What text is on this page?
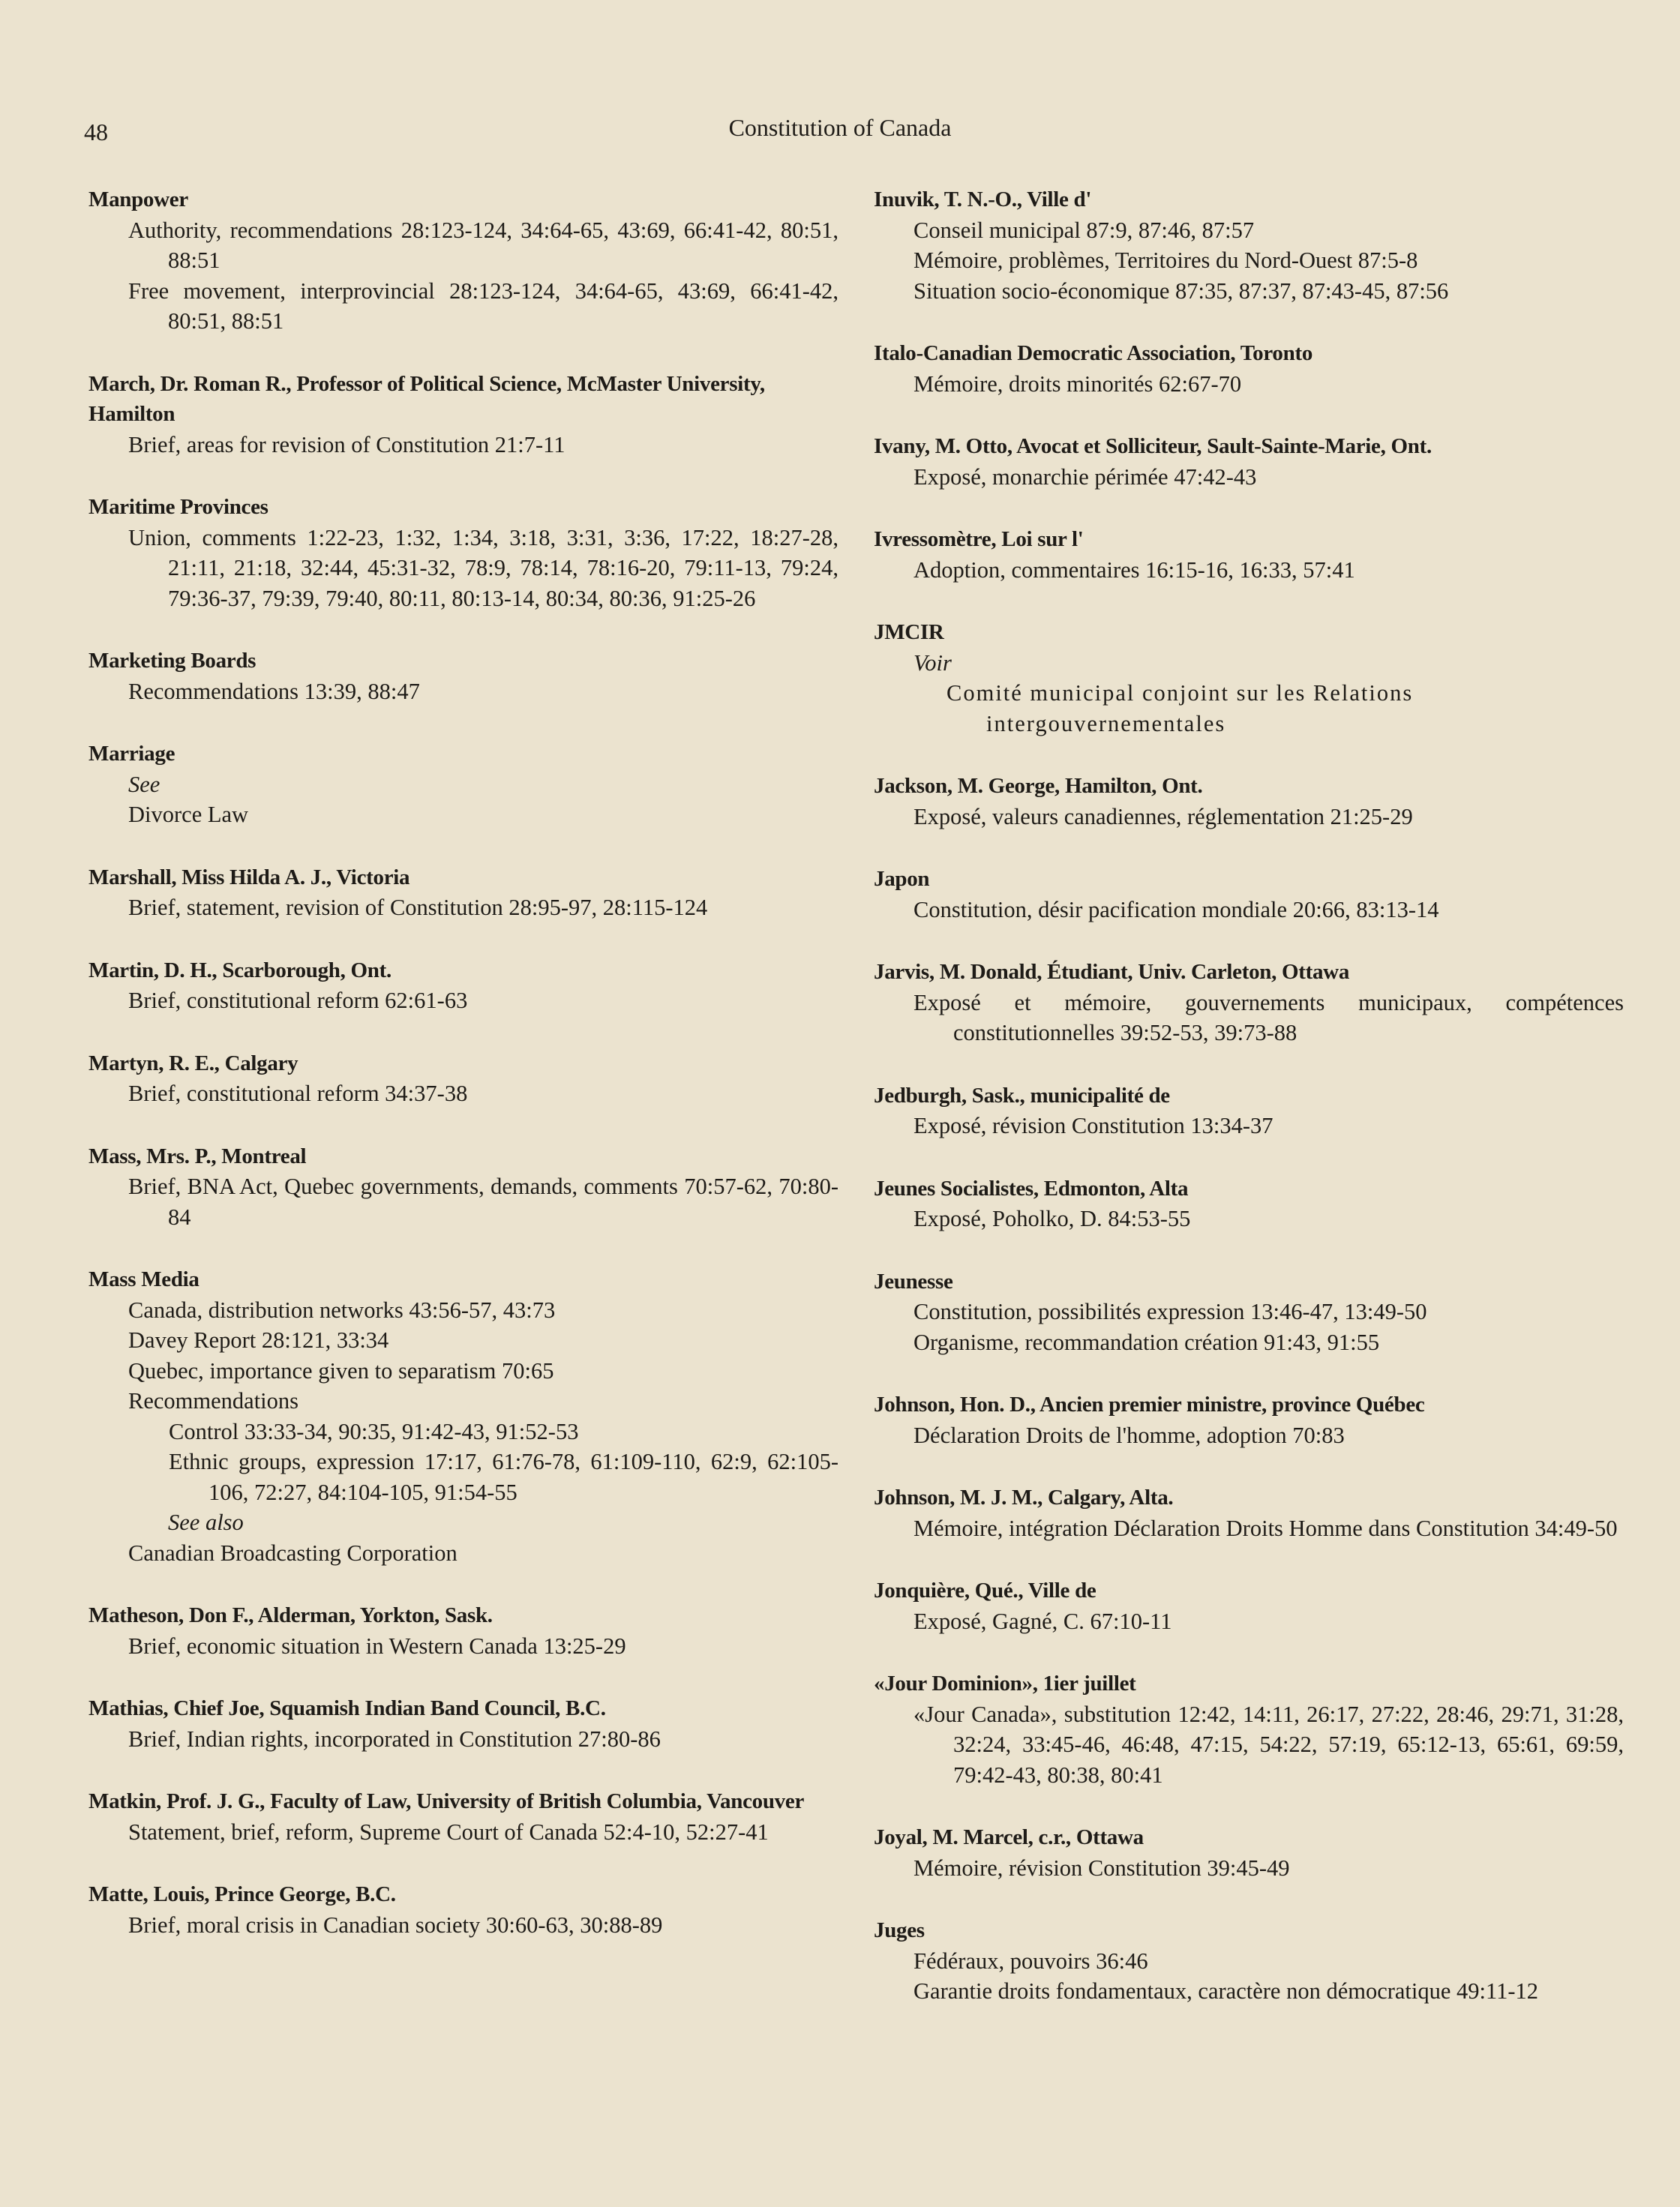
48	Constitution of Canada
Manpower
Authority, recommendations 28:123-124, 34:64-65, 43:69, 66:41-42, 80:51, 88:51
Free movement, interprovincial 28:123-124, 34:64-65, 43:69, 66:41-42, 80:51, 88:51
March, Dr. Roman R., Professor of Political Science, McMaster University, Hamilton
Brief, areas for revision of Constitution 21:7-11
Maritime Provinces
Union, comments 1:22-23, 1:32, 1:34, 3:18, 3:31, 3:36, 17:22, 18:27-28, 21:11, 21:18, 32:44, 45:31-32, 78:9, 78:14, 78:16-20, 79:11-13, 79:24, 79:36-37, 79:39, 79:40, 80:11, 80:13-14, 80:34, 80:36, 91:25-26
Marketing Boards
Recommendations 13:39, 88:47
Marriage
See
Divorce Law
Marshall, Miss Hilda A. J., Victoria
Brief, statement, revision of Constitution 28:95-97, 28:115-124
Martin, D. H., Scarborough, Ont.
Brief, constitutional reform 62:61-63
Martyn, R. E., Calgary
Brief, constitutional reform 34:37-38
Mass, Mrs. P., Montreal
Brief, BNA Act, Quebec governments, demands, comments 70:57-62, 70:80-84
Mass Media
Canada, distribution networks 43:56-57, 43:73
Davey Report 28:121, 33:34
Quebec, importance given to separatism 70:65
Recommendations
Control 33:33-34, 90:35, 91:42-43, 91:52-53
Ethnic groups, expression 17:17, 61:76-78, 61:109-110, 62:9, 62:105-106, 72:27, 84:104-105, 91:54-55
See also
Canadian Broadcasting Corporation
Matheson, Don F., Alderman, Yorkton, Sask.
Brief, economic situation in Western Canada 13:25-29
Mathias, Chief Joe, Squamish Indian Band Council, B.C.
Brief, Indian rights, incorporated in Constitution 27:80-86
Matkin, Prof. J. G., Faculty of Law, University of British Columbia, Vancouver
Statement, brief, reform, Supreme Court of Canada 52:4-10, 52:27-41
Matte, Louis, Prince George, B.C.
Brief, moral crisis in Canadian society 30:60-63, 30:88-89
Inuvik, T. N.-O., Ville d'
Conseil municipal 87:9, 87:46, 87:57
Mémoire, problèmes, Territoires du Nord-Ouest 87:5-8
Situation socio-économique 87:35, 87:37, 87:43-45, 87:56
Italo-Canadian Democratic Association, Toronto
Mémoire, droits minorités 62:67-70
Ivany, M. Otto, Avocat et Solliciteur, Sault-Sainte-Marie, Ont.
Exposé, monarchie périmée 47:42-43
Ivressomètre, Loi sur l'
Adoption, commentaires 16:15-16, 16:33, 57:41
JMCIR
Voir
Comité municipal conjoint sur les Relations intergouvernementales
Jackson, M. George, Hamilton, Ont.
Exposé, valeurs canadiennes, réglementation 21:25-29
Japon
Constitution, désir pacification mondiale 20:66, 83:13-14
Jarvis, M. Donald, Étudiant, Univ. Carleton, Ottawa
Exposé et mémoire, gouvernements municipaux, compétences constitutionnelles 39:52-53, 39:73-88
Jedburgh, Sask., municipalité de
Exposé, révision Constitution 13:34-37
Jeunes Socialistes, Edmonton, Alta
Exposé, Poholko, D. 84:53-55
Jeunesse
Constitution, possibilités expression 13:46-47, 13:49-50
Organisme, recommandation création 91:43, 91:55
Johnson, Hon. D., Ancien premier ministre, province Québec
Déclaration Droits de l'homme, adoption 70:83
Johnson, M. J. M., Calgary, Alta.
Mémoire, intégration Déclaration Droits Homme dans Constitution 34:49-50
Jonquière, Qué., Ville de
Exposé, Gagné, C. 67:10-11
«Jour Dominion», 1ier juillet
«Jour Canada», substitution 12:42, 14:11, 26:17, 27:22, 28:46, 29:71, 31:28, 32:24, 33:45-46, 46:48, 47:15, 54:22, 57:19, 65:12-13, 65:61, 69:59, 79:42-43, 80:38, 80:41
Joyal, M. Marcel, c.r., Ottawa
Mémoire, révision Constitution 39:45-49
Juges
Fédéraux, pouvoirs 36:46
Garantie droits fondamentaux, caractère non démocratique 49:11-12
